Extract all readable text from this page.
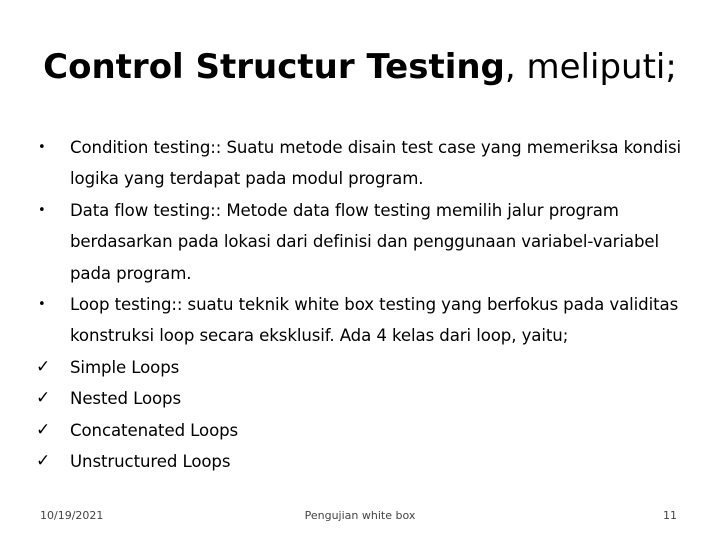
Control Structur Testing, meliputi;
•	Condition testing:: Suatu metode disain test case yang memeriksa kondisi logika yang terdapat pada modul program.
•	Data flow testing:: Metode data flow testing memilih jalur program berdasarkan pada lokasi dari definisi dan penggunaan variabel-variabel pada program.
•	Loop testing:: suatu teknik white box testing yang berfokus pada validitas konstruksi loop secara eksklusif. Ada 4 kelas dari loop, yaitu;
✓	Simple Loops
✓	Nested Loops
✓	Concatenated Loops
✓	Unstructured Loops
10/19/2021	Pengujian white box	11
